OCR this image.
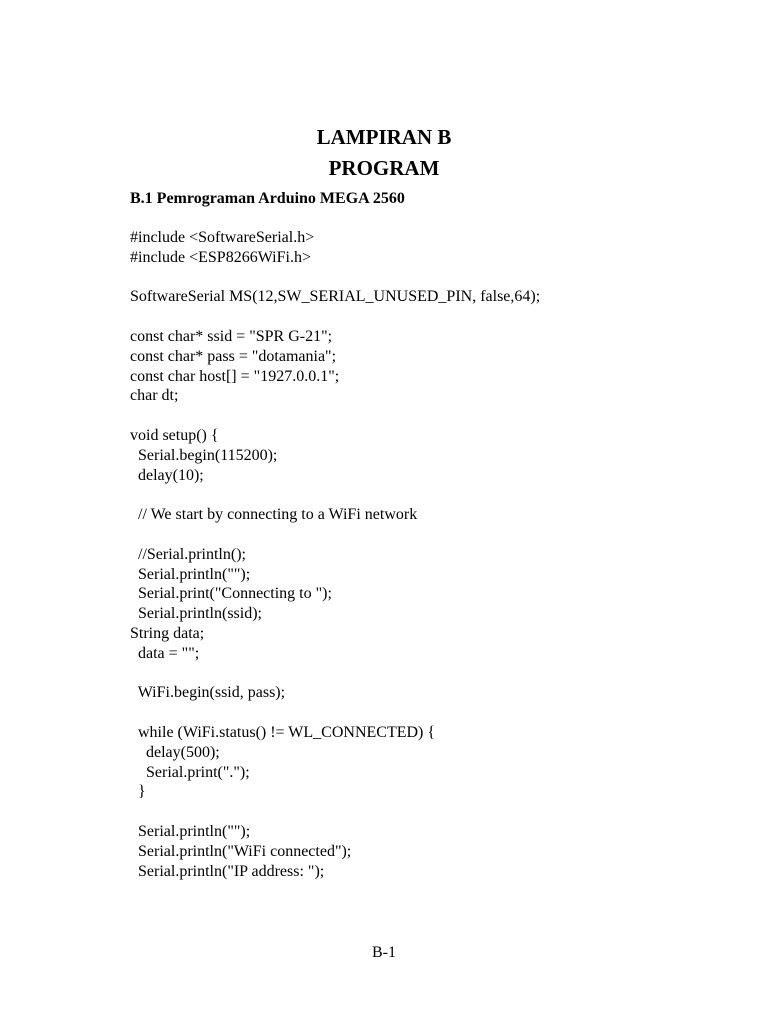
LAMPIRAN B
PROGRAM
B.1 Pemrograman Arduino MEGA 2560
#include <SoftwareSerial.h>
#include <ESP8266WiFi.h>
SoftwareSerial MS(12,SW_SERIAL_UNUSED_PIN, false,64);
const char* ssid = "SPR G-21";
const char* pass = "dotamania";
const char host[] = "1927.0.0.1";
char dt;
void setup() {
Serial.begin(115200);
delay(10);
// We start by connecting to a WiFi network
//Serial.println();
Serial.println("");
Serial.print("Connecting to ");
Serial.println(ssid);
String data;
data = "";
WiFi.begin(ssid, pass);
while (WiFi.status() != WL_CONNECTED) {
delay(500);
Serial.print(".");
}
Serial.println("");
Serial.println("WiFi connected");
Serial.println("IP address: ");
B-1
